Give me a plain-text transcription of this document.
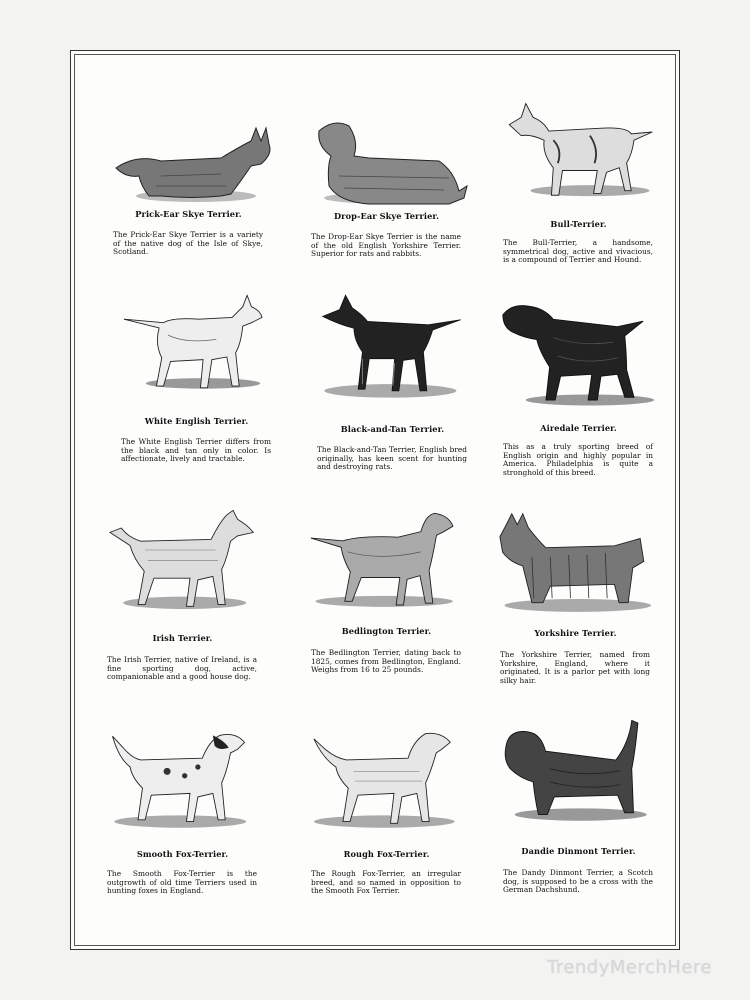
Prick-Ear Skye Terrier.
The Prick-Ear Skye Terrier is a variety of the native dog of the Isle of Skye, Scotland.
Drop-Ear Skye Terrier.
The Drop-Ear Skye Terrier is the name of the old English Yorkshire Terrier. Superior for rats and rabbits.
Bull-Terrier.
The Bull-Terrier, a handsome, symmetrical dog, active and vivacious, is a compound of Terrier and Hound.
White English Terrier.
The White English Terrier differs from the black and tan only in color. Is affectionate, lively and tractable.
Black-and-Tan Terrier.
The Black-and-Tan Terrier, English bred originally, has keen scent for hunting and destroying rats.
Airedale Terrier.
This as a truly sporting breed of English origin and highly popular in America. Philadelphia is quite a stronghold of this breed.
Irish Terrier.
The Irish Terrier, native of Ireland, is a fine sporting dog, active, companionable and a good house dog.
Bedlington Terrier.
The Bedlington Terrier, dating back to 1825, comes from Bedlington, England. Weighs from 16 to 25 pounds.
Yorkshire Terrier.
The Yorkshire Terrier, named from Yorkshire, England, where it originated. It is a parlor pet with long silky hair.
Smooth Fox-Terrier.
The Smooth Fox-Terrier is the outgrowth of old time Terriers used in hunting foxes in England.
Rough Fox-Terrier.
The Rough Fox-Terrier, an irregular breed, and so named in opposition to the Smooth Fox Terrier.
Dandie Dinmont Terrier.
The Dandy Dinmont Terrier, a Scotch dog, is supposed to be a cross with the German Dachshund.
TrendyMerchHere
